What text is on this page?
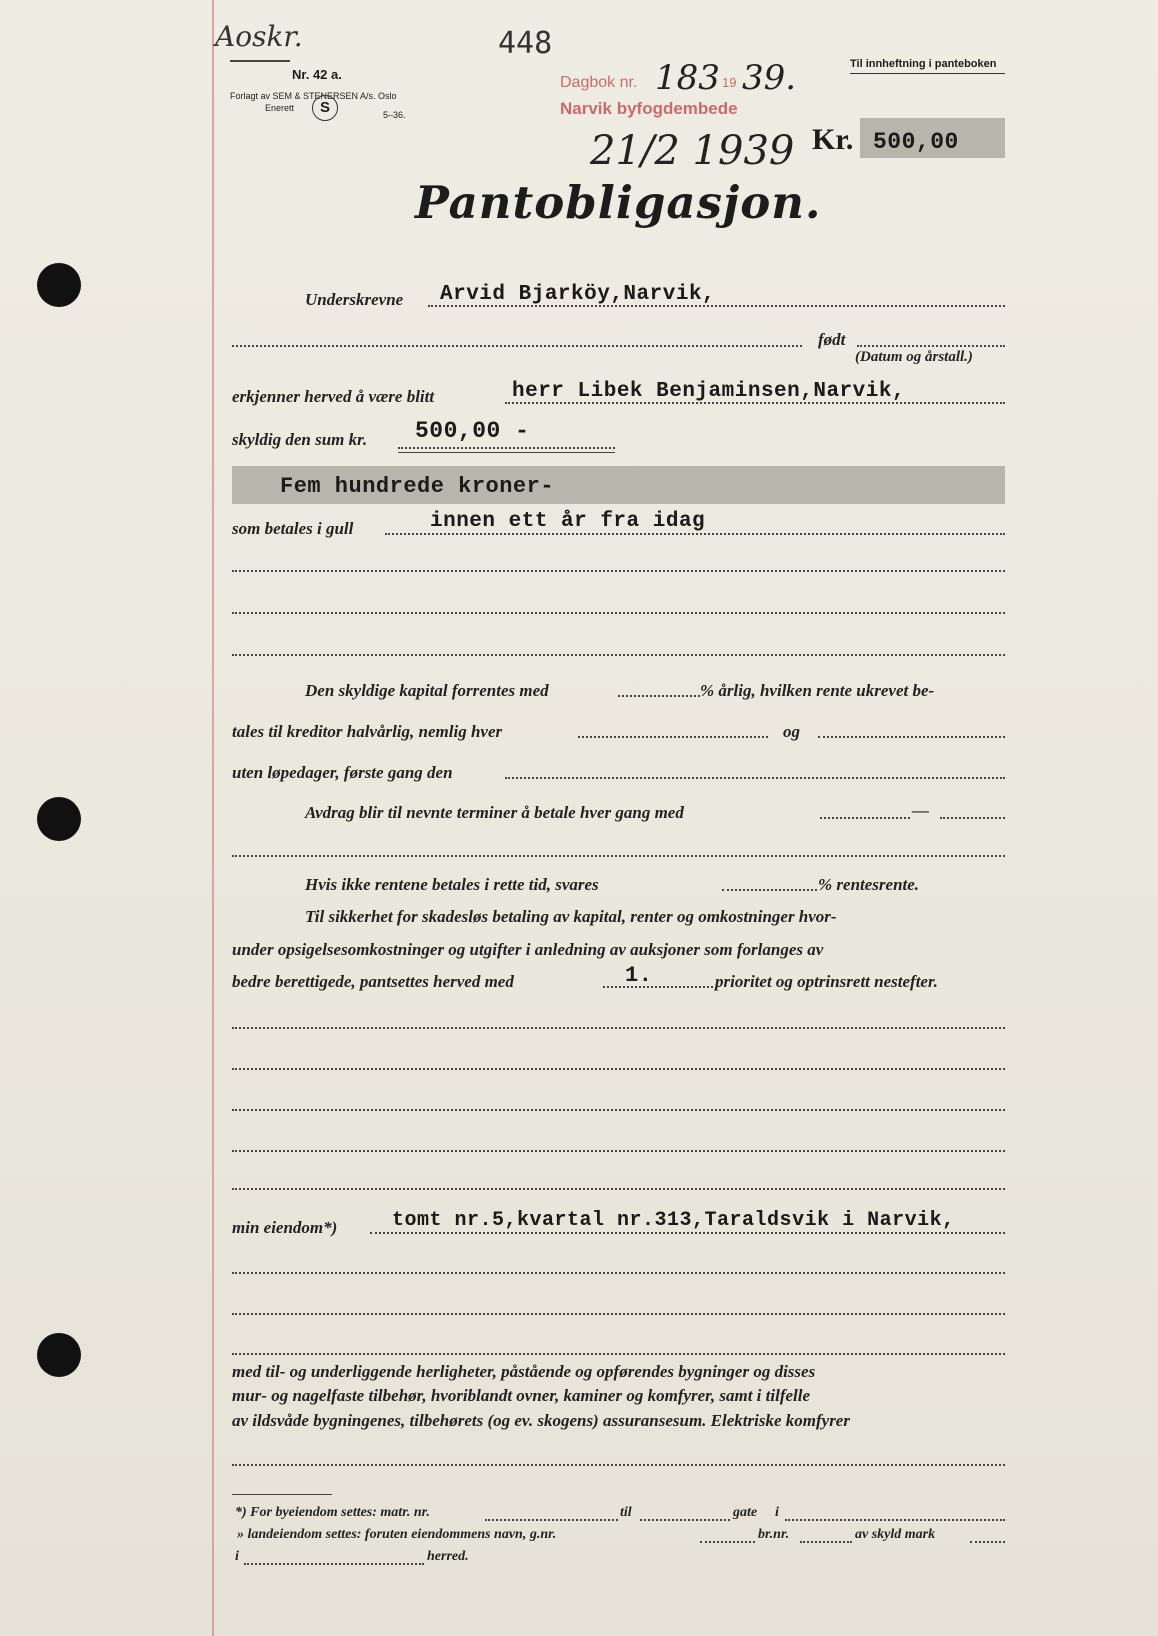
Aoskr.	448
Nr. 42 a.
Forlagt av SEM & STENERSEN A/s. Oslo
Enerett
5–36.
S
Dagbok nr. 183 19 39.
Narvik byfogdembede
21/2 1939
Til innheftning i panteboken
Kr. 500,00
Pantobligasjon.
Underskrevne Arvid Bjarköy,Narvik,
født
(Datum og årstall.)
erkjenner herved å være blitt	herr Libek Benjaminsen,Narvik,
skyldig den sum kr. 500,00 -
Fem hundrede kroner-
som betales i gull	innen ett år fra idag
Den skyldige kapital forrentes med	% årlig, hvilken rente ukrevet be-
tales til kreditor halvårlig, nemlig hver	og
uten løpedager, første gang den
Avdrag blir til nevnte terminer å betale hver gang med	—
Hvis ikke rentene betales i rette tid, svares	% rentesrente.
Til sikkerhet for skadesløs betaling av kapital, renter og omkostninger hvor-
under opsigelsesomkostninger og utgifter i anledning av auksjoner som forlanges av
bedre berettigede, pantsettes herved med	1.	prioritet og optrinsrett nestefter.
min eiendom*)	tomt nr.5,kvartal nr.313,Taraldsvik i Narvik,
med til- og underliggende herligheter, påstående og opførendes bygninger og disses
mur- og nagelfaste tilbehør, hvoriblandt ovner, kaminer og komfyrer, samt i tilfelle
av ildsvåde bygningenes, tilbehørets (og ev. skogens) assuransesum. Elektriske komfyrer
*) For byeiendom settes: matr. nr.	til	gate i
» landeiendom settes: foruten eiendommens navn, g.nr.	br.nr.	av skyld mark
i	herred.
